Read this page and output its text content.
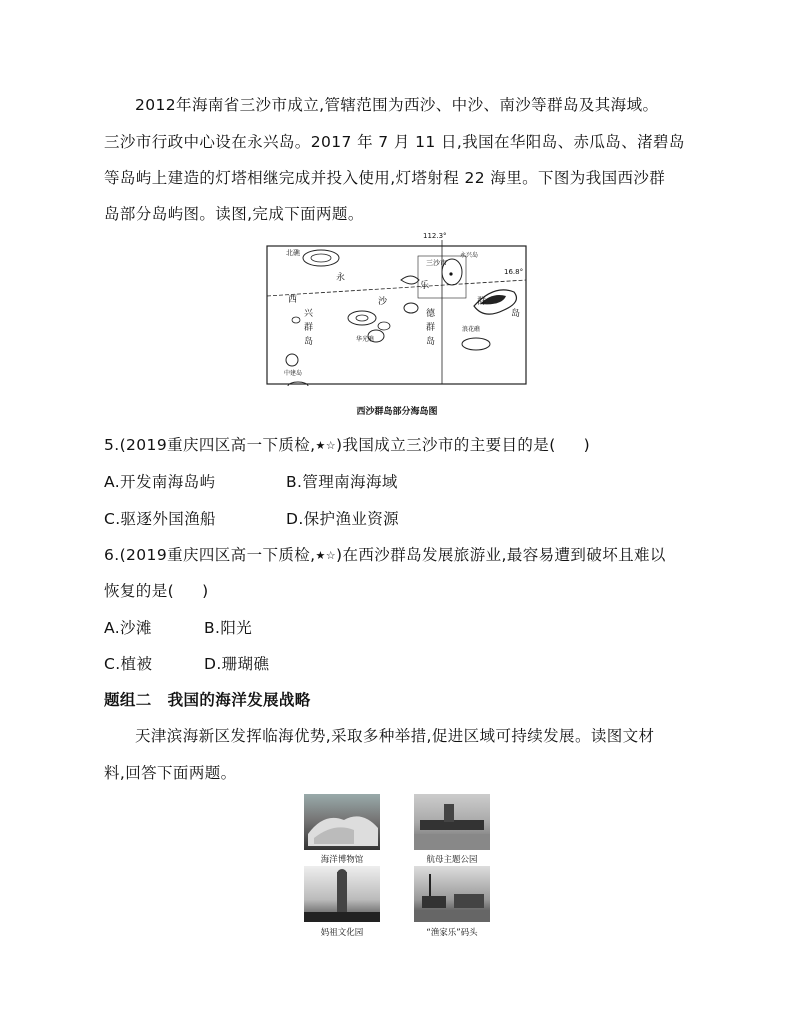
2012年海南省三沙市成立,管辖范围为西沙、中沙、南沙等群岛及其海域。
三沙市行政中心设在永兴岛。2017 年 7 月 11 日,我国在华阳岛、赤瓜岛、渚碧岛
等岛屿上建造的灯塔相继完成并投入使用,灯塔射程 22 海里。下图为我国西沙群
岛部分岛屿图。读图,完成下面两题。
112.3°
16.8°
北礁	永兴岛
三沙市
永
乐
西
兴
群
岛
沙
德
群
岛
群
岛
华光礁
浪花礁
中建岛
西沙群岛部分海岛图
5.(2019重庆四区高一下质检,★☆)我国成立三沙市的主要目的是( )
A.开发南海岛屿	B.管理南海海域
C.驱逐外国渔船	D.保护渔业资源
6.(2019重庆四区高一下质检,★☆)在西沙群岛发展旅游业,最容易遭到破坏且难以
恢复的是( )
A.沙滩	B.阳光
C.植被	D.珊瑚礁
题组二　我国的海洋发展战略
天津滨海新区发挥临海优势,采取多种举措,促进区域可持续发展。读图文材
料,回答下面两题。
海洋博物馆	航母主题公园
妈祖文化园	“渔家乐”码头
